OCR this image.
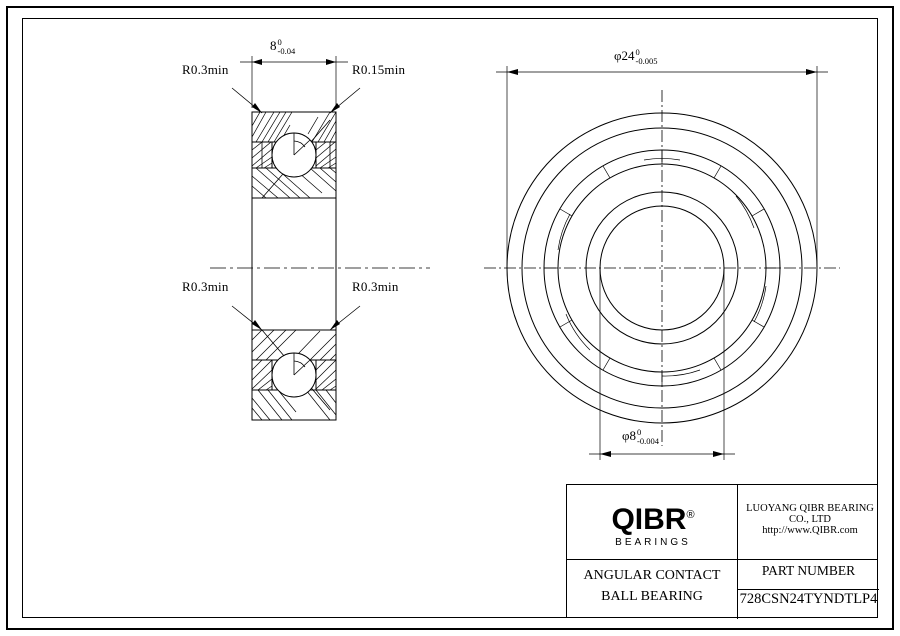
R0.3min	R0.15min
R0.3min	R0.3min
8 0
-0.04	φ24 0
-0.005
φ8 0
-0.004
QIBR®
BEARINGS
LUOYANG QIBR BEARING CO., LTD
http://www.QIBR.com
ANGULAR CONTACT
BALL BEARING
PART NUMBER
728CSN24TYNDTLP4
